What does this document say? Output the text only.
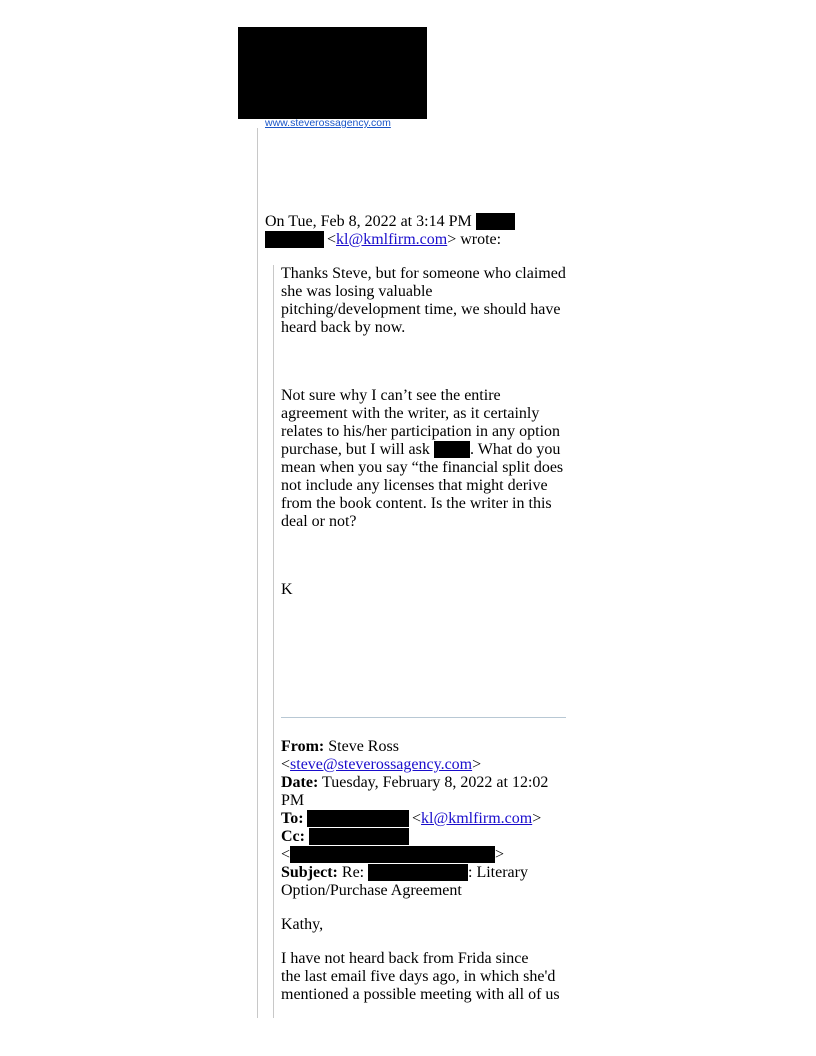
www.steverossagency.com
On Tue, Feb 8, 2022 at 3:14 PM
<kl@kmlfirm.com> wrote:
Thanks Steve, but for someone who claimed
she was losing valuable
pitching/development time, we should have
heard back by now.
Not sure why I can’t see the entire
agreement with the writer, as it certainly
relates to his/her participation in any option
purchase, but I will ask	. What do you
mean when you say “the financial split does
not include any licenses that might derive
from the book content. Is the writer in this
deal or not?
K
From: Steve Ross
<steve@steverossagency.com>
Date: Tuesday, February 8, 2022 at 12:02
PM
To:	<kl@kmlfirm.com>
Cc:
<	>
Subject: Re:	: Literary
Option/Purchase Agreement
Kathy,
I have not heard back from Frida since
the last email five days ago, in which she'd
mentioned a possible meeting with all of us
